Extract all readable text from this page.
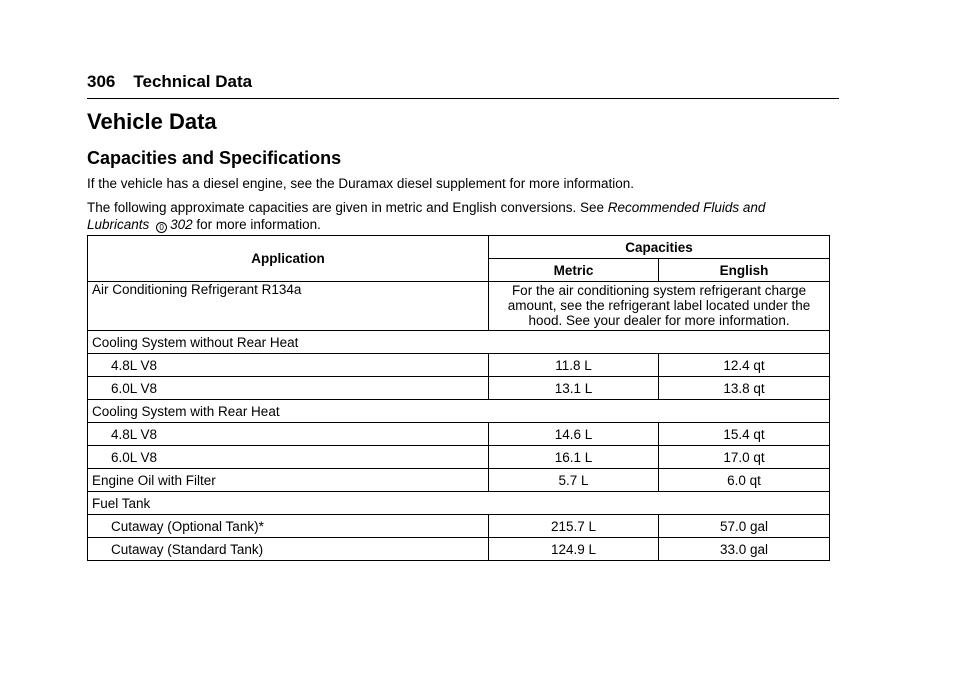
306 Technical Data
Vehicle Data
Capacities and Specifications
If the vehicle has a diesel engine, see the Duramax diesel supplement for more information.
The following approximate capacities are given in metric and English conversions. See Recommended Fluids and Lubricants 0 302 for more information.
Application	Capacities	
	Metric	English
Air Conditioning Refrigerant R134a	For the air conditioning system refrigerant charge amount, see the refrigerant label located under the hood. See your dealer for more information.	
Cooling System without Rear Heat		
4.8L V8	11.8 L	12.4 qt
6.0L V8	13.1 L	13.8 qt
Cooling System with Rear Heat		
4.8L V8	14.6 L	15.4 qt
6.0L V8	16.1 L	17.0 qt
Engine Oil with Filter	5.7 L	6.0 qt
Fuel Tank		
Cutaway (Optional Tank)*	215.7 L	57.0 gal
Cutaway (Standard Tank)	124.9 L	33.0 gal
